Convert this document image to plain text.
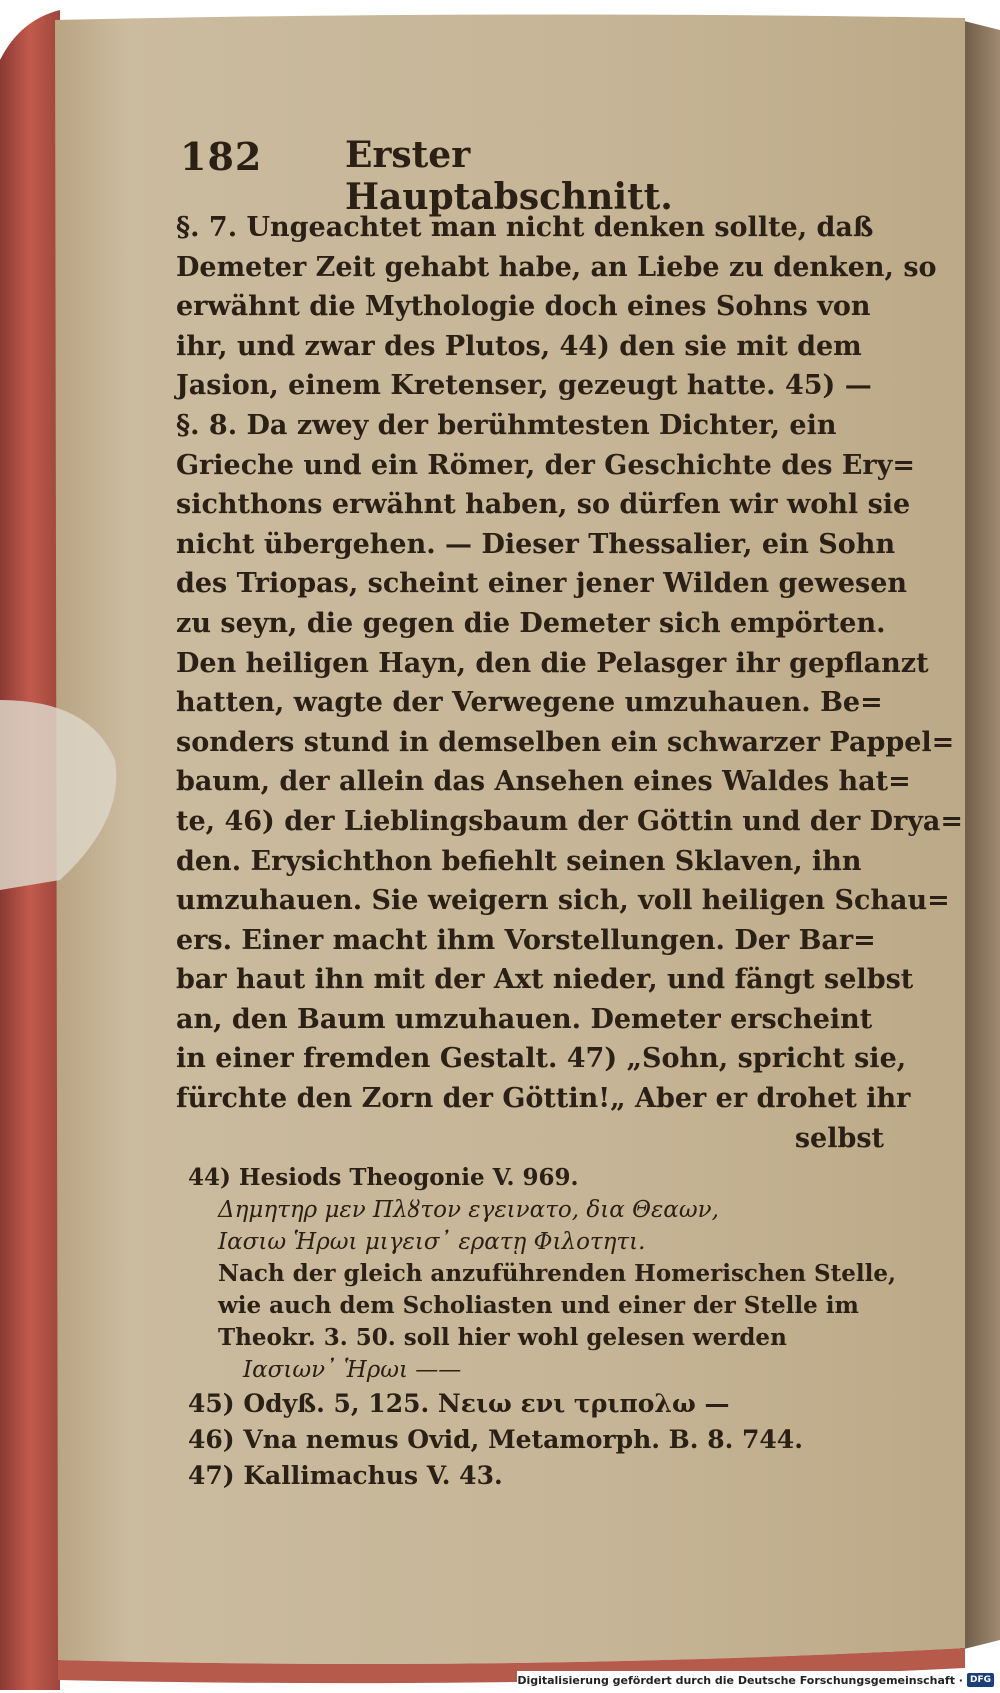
182 Erster Hauptabschnitt.
§. 7. Ungeachtet man nicht denken sollte, daß
Demeter Zeit gehabt habe, an Liebe zu denken, so
erwähnt die Mythologie doch eines Sohns von
ihr, und zwar des Plutos, 44) den sie mit dem
Jasion, einem Kretenser, gezeugt hatte. 45) —
§. 8. Da zwey der berühmtesten Dichter, ein
Grieche und ein Römer, der Geschichte des Ery=
sichthons erwähnt haben, so dürfen wir wohl sie
nicht übergehen. — Dieser Thessalier, ein Sohn
des Triopas, scheint einer jener Wilden gewesen
zu seyn, die gegen die Demeter sich empörten.
Den heiligen Hayn, den die Pelasger ihr gepflanzt
hatten, wagte der Verwegene umzuhauen. Be=
sonders stund in demselben ein schwarzer Pappel=
baum, der allein das Ansehen eines Waldes hat=
te, 46) der Lieblingsbaum der Göttin und der Drya=
den. Erysichthon befiehlt seinen Sklaven, ihn
umzuhauen. Sie weigern sich, voll heiligen Schau=
ers. Einer macht ihm Vorstellungen. Der Bar=
bar haut ihn mit der Axt nieder, und fängt selbst
an, den Baum umzuhauen. Demeter erscheint
in einer fremden Gestalt. 47) „Sohn, spricht sie,
fürchte den Zorn der Göttin!„ Aber er drohet ihr
selbst
44) Hesiods Theogonie V. 969.
Δημητηρ μεν Πλȣτον εγεινατο, δια Θεαων,
Ιασιω Ἡρωι μιγεισ᾽ ερατῃ Φιλοτητι.
Nach der gleich anzuführenden Homerischen Stelle,
wie auch dem Scholiasten und einer der Stelle im
Theokr. 3. 50. soll hier wohl gelesen werden
Ιασιων᾽ Ἡρωι ——
45) Odyß. 5, 125. Νειω ενι τριπολω —
46) Vna nemus Ovid, Metamorph. B. 8. 744.
47) Kallimachus V. 43.
Digitalisierung gefördert durch die Deutsche Forschungsgemeinschaft · DFG
